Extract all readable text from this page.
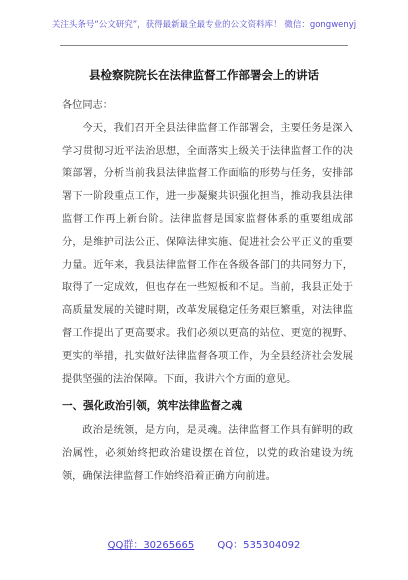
关注头条号“公文研究”，获得最新最全最专业的公文资料库！ 微信：gongwenyj
县检察院院长在法律监督工作部署会上的讲话

各位同志：

今天，我们召开全县法律监督工作部署会，主要任务是深入学习贯彻习近平法治思想，全面落实上级关于法律监督工作的决策部署，分析当前我县法律监督工作面临的形势与任务，安排部署下一阶段重点工作，进一步凝聚共识强化担当，推动我县法律监督工作再上新台阶。法律监督是国家监督体系的重要组成部分，是维护司法公正、保障法律实施、促进社会公平正义的重要力量。近年来，我县法律监督工作在各级各部门的共同努力下，取得了一定成效，但也存在一些短板和不足。当前，我县正处于高质量发展的关键时期，改革发展稳定任务艰巨繁重，对法律监督工作提出了更高要求。我们必须以更高的站位、更宽的视野、更实的举措，扎实做好法律监督各项工作，为全县经济社会发展提供坚强的法治保障。下面，我讲六个方面的意见。

一、强化政治引领，筑牢法律监督之魂

政治是统领，是方向，是灵魂。法律监督工作具有鲜明的政治属性，必须始终把政治建设摆在首位，以党的政治建设为统领，确保法律监督工作始终沿着正确方向前进。

QQ群：30265665 QQ：535304092
